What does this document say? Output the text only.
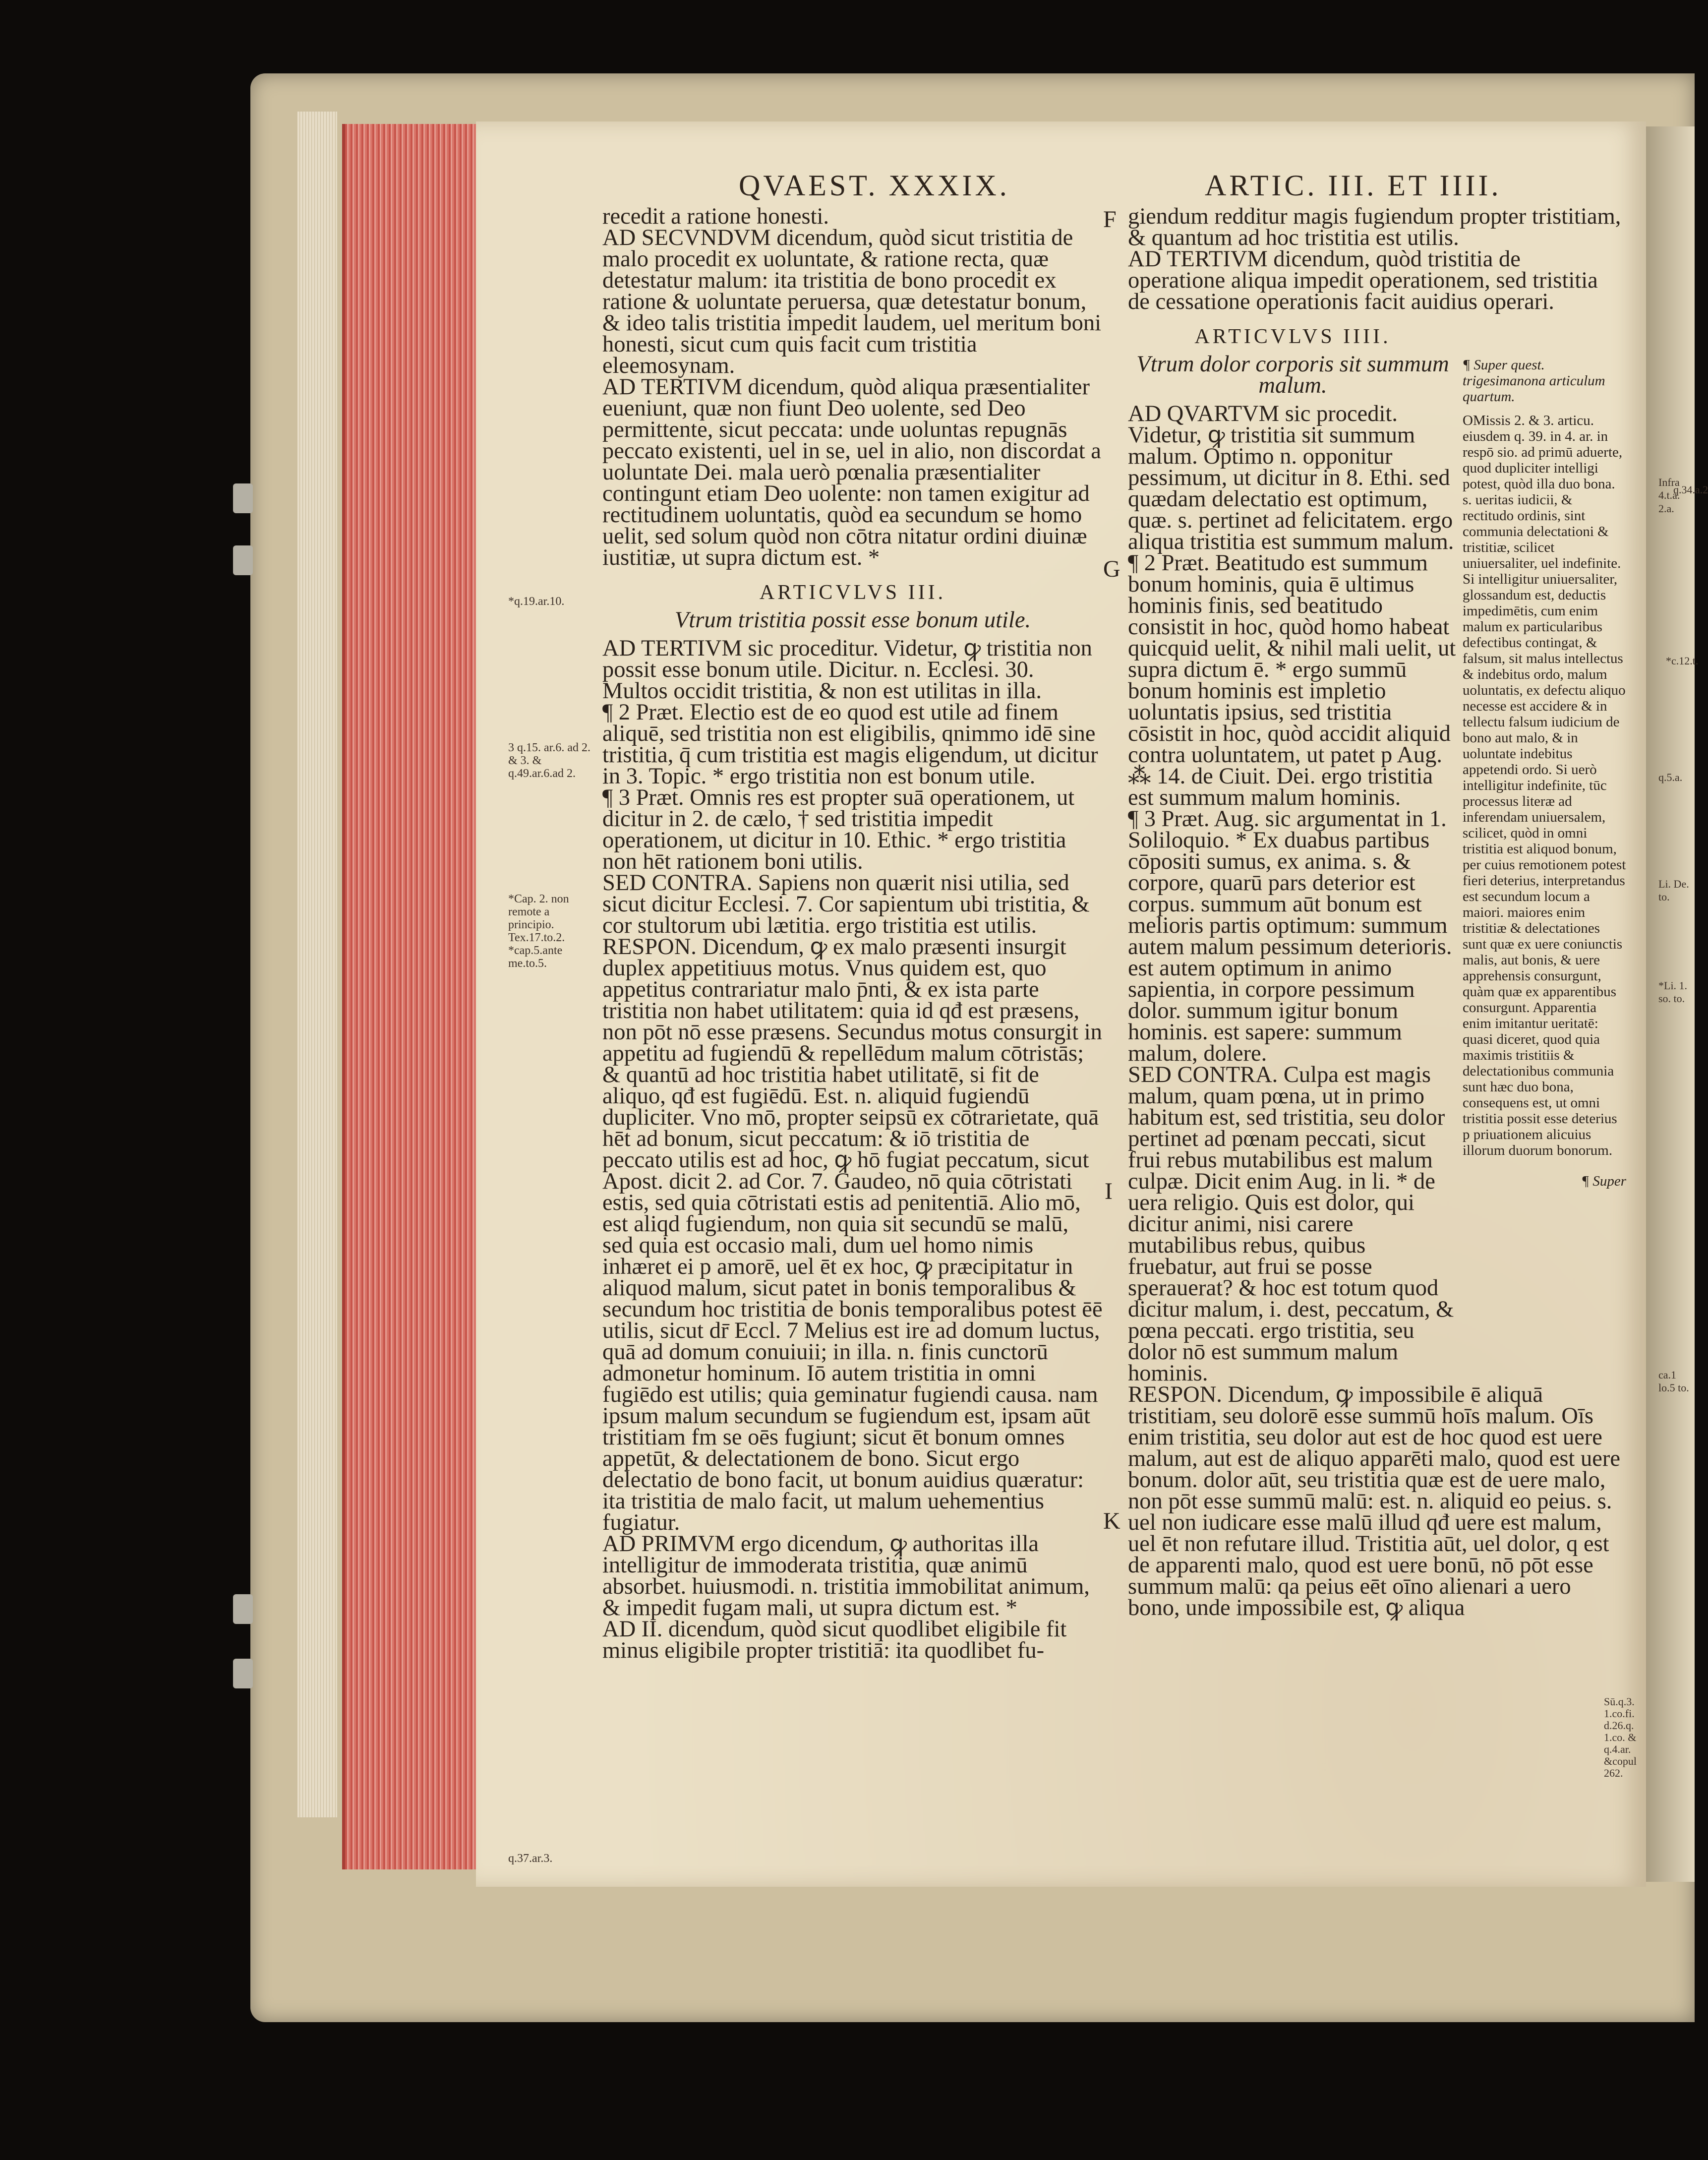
Infra 4.t.a. 2.a.
q.34.a.2
*c.12.t.
q.5.a.
Li. De. to.
*Li. 1. so. to.
ca.1 lo.5 to.
QVAEST. XXXIX.	ARTIC. III. ET IIII.
F
G
I
K
*q.19.ar.10.
3 q.15. ar.6. ad 2. & 3. & q.49.ar.6.ad 2.
*Cap. 2. non remote a principio. Tex.17.to.2. *cap.5.ante me.to.5.
q.37.ar.3.
Sū.q.3. 1.co.fi. d.26.q. 1.co. & q.4.ar. &copul 262.

recedit a ratione honesti.

AD SECVNDVM dicendum, quòd sicut tristitia de malo procedit ex uoluntate, & ratione recta, quæ detestatur malum: ita tristitia de bono procedit ex ratione & uoluntate peruersa, quæ detestatur bonum, & ideo talis tristitia impedit laudem, uel meritum boni honesti, sicut cum quis facit cum tristitia eleemosynam.

AD TERTIVM dicendum, quòd aliqua præsentialiter eueniunt, quæ non fiunt Deo uolente, sed Deo permittente, sicut peccata: unde uoluntas repugnās peccato existenti, uel in se, uel in alio, non discordat a uoluntate Dei. mala uerò pœnalia præsentialiter contingunt etiam Deo uolente: non tamen exigitur ad rectitudinem uoluntatis, quòd ea secundum se homo uelit, sed solum quòd non cōtra nitatur ordini diuinæ iustitiæ, ut supra dictum est. *

ARTICVLVS III.
Vtrum tristitia possit esse bonum utile.

AD TERTIVM sic proceditur. Videtur, ꝙ tristitia non possit esse bonum utile. Dicitur. n. Ecclesi. 30. Multos occidit tristitia, & non est utilitas in illa.

¶ 2 Præt. Electio est de eo quod est utile ad finem aliquē, sed tristitia non est eligibilis, qnimmo idē sine tristitia, q̄ cum tristitia est magis eligendum, ut dicitur in 3. Topic. * ergo tristitia non est bonum utile.

¶ 3 Præt. Omnis res est propter suā operationem, ut dicitur in 2. de cælo, † sed tristitia impedit operationem, ut dicitur in 10. Ethic. * ergo tristitia non hēt rationem boni utilis.

SED CONTRA. Sapiens non quærit nisi utilia, sed sicut dicitur Ecclesi. 7. Cor sapientum ubi tristitia, & cor stultorum ubi lætitia. ergo tristitia est utilis.

RESPON. Dicendum, ꝙ ex malo præsenti insurgit duplex appetitiuus motus. Vnus quidem est, quo appetitus contrariatur malo p̄nti, & ex ista parte tristitia non habet utilitatem: quia id qđ est præsens, non pōt nō esse præsens. Secundus motus consurgit in appetitu ad fugiendū & repellēdum malum cōtristās; & quantū ad hoc tristitia habet utilitatē, si fit de aliquo, qđ est fugiēdū. Est. n. aliquid fugiendū dupliciter. Vno mō, propter seipsū ex cōtrarietate, quā hēt ad bonum, sicut peccatum: & iō tristitia de peccato utilis est ad hoc, ꝙ hō fugiat peccatum, sicut Apost. dicit 2. ad Cor. 7. Gaudeo, nō quia cōtristati estis, sed quia cōtristati estis ad penitentiā. Alio mō, est aliqd fugiendum, non quia sit secundū se malū, sed quia est occasio mali, dum uel homo nimis inhæret ei p amorē, uel ēt ex hoc, ꝙ præcipitatur in aliquod malum, sicut patet in bonis temporalibus & secundum hoc tristitia de bonis temporalibus potest ēē utilis, sicut dr̄ Eccl. 7 Melius est ire ad domum luctus, quā ad domum conuiuii; in illa. n. finis cunctorū admonetur hominum. Iō autem tristitia in omni fugiēdo est utilis; quia geminatur fugiendi causa. nam ipsum malum secundum se fugiendum est, ipsam aūt tristitiam fm se oēs fugiunt; sicut ēt bonum omnes appetūt, & delectationem de bono. Sicut ergo delectatio de bono facit, ut bonum auidius quæratur: ita tristitia de malo facit, ut malum uehementius fugiatur.

AD PRIMVM ergo dicendum, ꝙ authoritas illa intelligitur de immoderata tristitia, quæ animū absorbet. huiusmodi. n. tristitia immobilitat animum, & impedit fugam mali, ut supra dictum est. *

AD II. dicendum, quòd sicut quodlibet eligibile fit minus eligibile propter tristitiā: ita quodlibet fu-

giendum redditur magis fugiendum propter tristitiam, & quantum ad hoc tristitia est utilis.

AD TERTIVM dicendum, quòd tristitia de operatione aliqua impedit operationem, sed tristitia de cessatione operationis facit auidius operari.

ARTICVLVS IIII.
Vtrum dolor corporis sit summum malum.

AD QVARTVM sic procedit. Videtur, ꝙ tristitia sit summum malum. Optimo n. opponitur pessimum, ut dicitur in 8. Ethi. sed quædam delectatio est optimum, quæ. s. pertinet ad felicitatem. ergo aliqua tristitia est summum malum.

¶ 2 Præt. Beatitudo est summum bonum hominis, quia ē ultimus hominis finis, sed beatitudo consistit in hoc, quòd homo habeat quicquid uelit, & nihil mali uelit, ut supra dictum ē. * ergo summū bonum hominis est impletio uoluntatis ipsius, sed tristitia cōsistit in hoc, quòd accidit aliquid contra uoluntatem, ut patet p Aug. ⁂ 14. de Ciuit. Dei. ergo tristitia est summum malum hominis.

¶ 3 Præt. Aug. sic argumentat in 1. Soliloquio. * Ex duabus partibus cōpositi sumus, ex anima. s. & corpore, quarū pars deterior est corpus. summum aūt bonum est melioris partis optimum: summum autem malum pessimum deterioris. est autem optimum in animo sapientia, in corpore pessimum dolor. summum igitur bonum hominis. est sapere: summum malum, dolere.

SED CONTRA. Culpa est magis malum, quam pœna, ut in primo habitum est, sed tristitia, seu dolor pertinet ad pœnam peccati, sicut frui rebus mutabilibus est malum culpæ. Dicit enim Aug. in li. * de uera religio. Quis est dolor, qui dicitur animi, nisi carere mutabilibus rebus, quibus fruebatur, aut frui se posse sperauerat? & hoc est totum quod dicitur malum, i. dest, peccatum, & pœna peccati. ergo tristitia, seu dolor nō est summum malum hominis.

RESPON. Dicendum, ꝙ impossibile ē aliquā tristitiam, seu dolorē esse summū hoīs malum. Oīs enim tristitia, seu dolor aut est de hoc quod est uere malum, aut est de aliquo apparēti malo, quod est uere bonum. dolor aūt, seu tristitia quæ est de uere malo, non pōt esse summū malū: est. n. aliquid eo peius. s. uel non iudicare esse malū illud qđ uere est malum, uel ēt non refutare illud. Tristitia aūt, uel dolor, q est de apparenti malo, quod est uere bonū, nō pōt esse summum malū: qa peius eēt oīno alienari a uero bono, unde impossibile est, ꝙ aliqua

¶ Super quest. trigesimanona articulum quartum.

OMissis 2. & 3. articu. eiusdem q. 39. in 4. ar. in respō sio. ad primū aduerte, quod dupliciter intelligi potest, quòd illa duo bona. s. ueritas iudicii, & rectitudo ordinis, sint communia delectationi & tristitiæ, scilicet uniuersaliter, uel indefinite. Si intelligitur uniuersaliter, glossandum est, deductis impedimētis, cum enim malum ex particularibus defectibus contingat, & falsum, sit malus intellectus & indebitus ordo, malum uoluntatis, ex defectu aliquo necesse est accidere & in tellectu falsum iudicium de bono aut malo, & in uoluntate indebitus appetendi ordo. Si uerò intelligitur indefinite, tūc processus literæ ad inferendam uniuersalem, scilicet, quòd in omni tristitia est aliquod bonum, per cuius remotionem potest fieri deterius, interpretandus est secundum locum a maiori. maiores enim tristitiæ & delectationes sunt quæ ex uere coniunctis malis, aut bonis, & uere apprehensis consurgunt, quàm quæ ex apparentibus consurgunt. Apparentia enim imitantur ueritatē: quasi diceret, quod quia maximis tristitiis & delectationibus communia sunt hæc duo bona, consequens est, ut omni tristitia possit esse deterius p priuationem alicuius illorum duorum bonorum.

¶ Super
